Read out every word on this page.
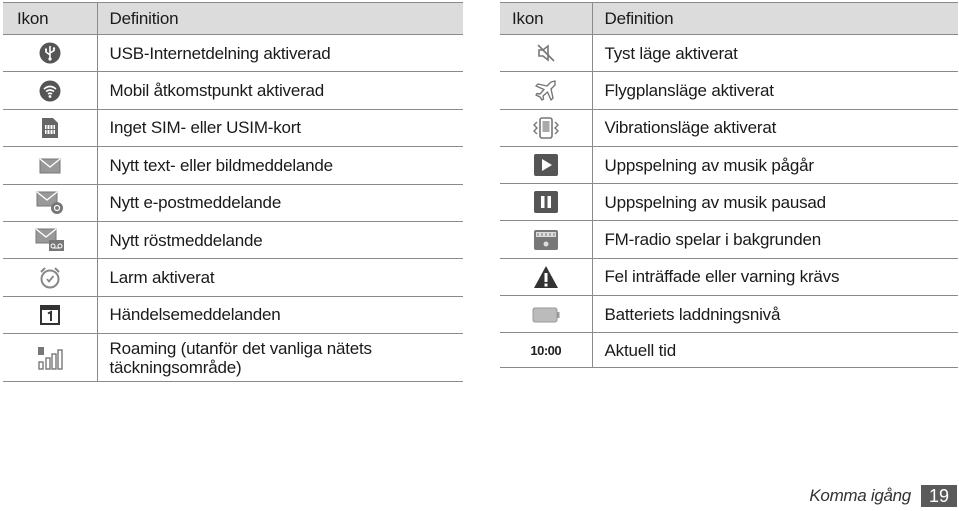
Ikon	Definition

	USB-Internetdelning aktiverad

	Mobil åtkomstpunkt aktiverad

	Inget SIM- eller USIM-kort

	Nytt text- eller bildmeddelande

	Nytt e-postmeddelande

	Nytt röstmeddelande

	Larm aktiverat

	Händelsemeddelanden

	Roaming (utanför det vanliga nätets täckningsområde)
Ikon	Definition

	Tyst läge aktiverat

	Flygplansläge aktiverat

	Vibrationsläge aktiverat

	Uppspelning av musik pågår

	Uppspelning av musik pausad

	FM-radio spelar i bakgrunden

	Fel inträffade eller varning krävs

	Batteriets laddningsnivå
10:00	Aktuell tid
Komma igång	19
